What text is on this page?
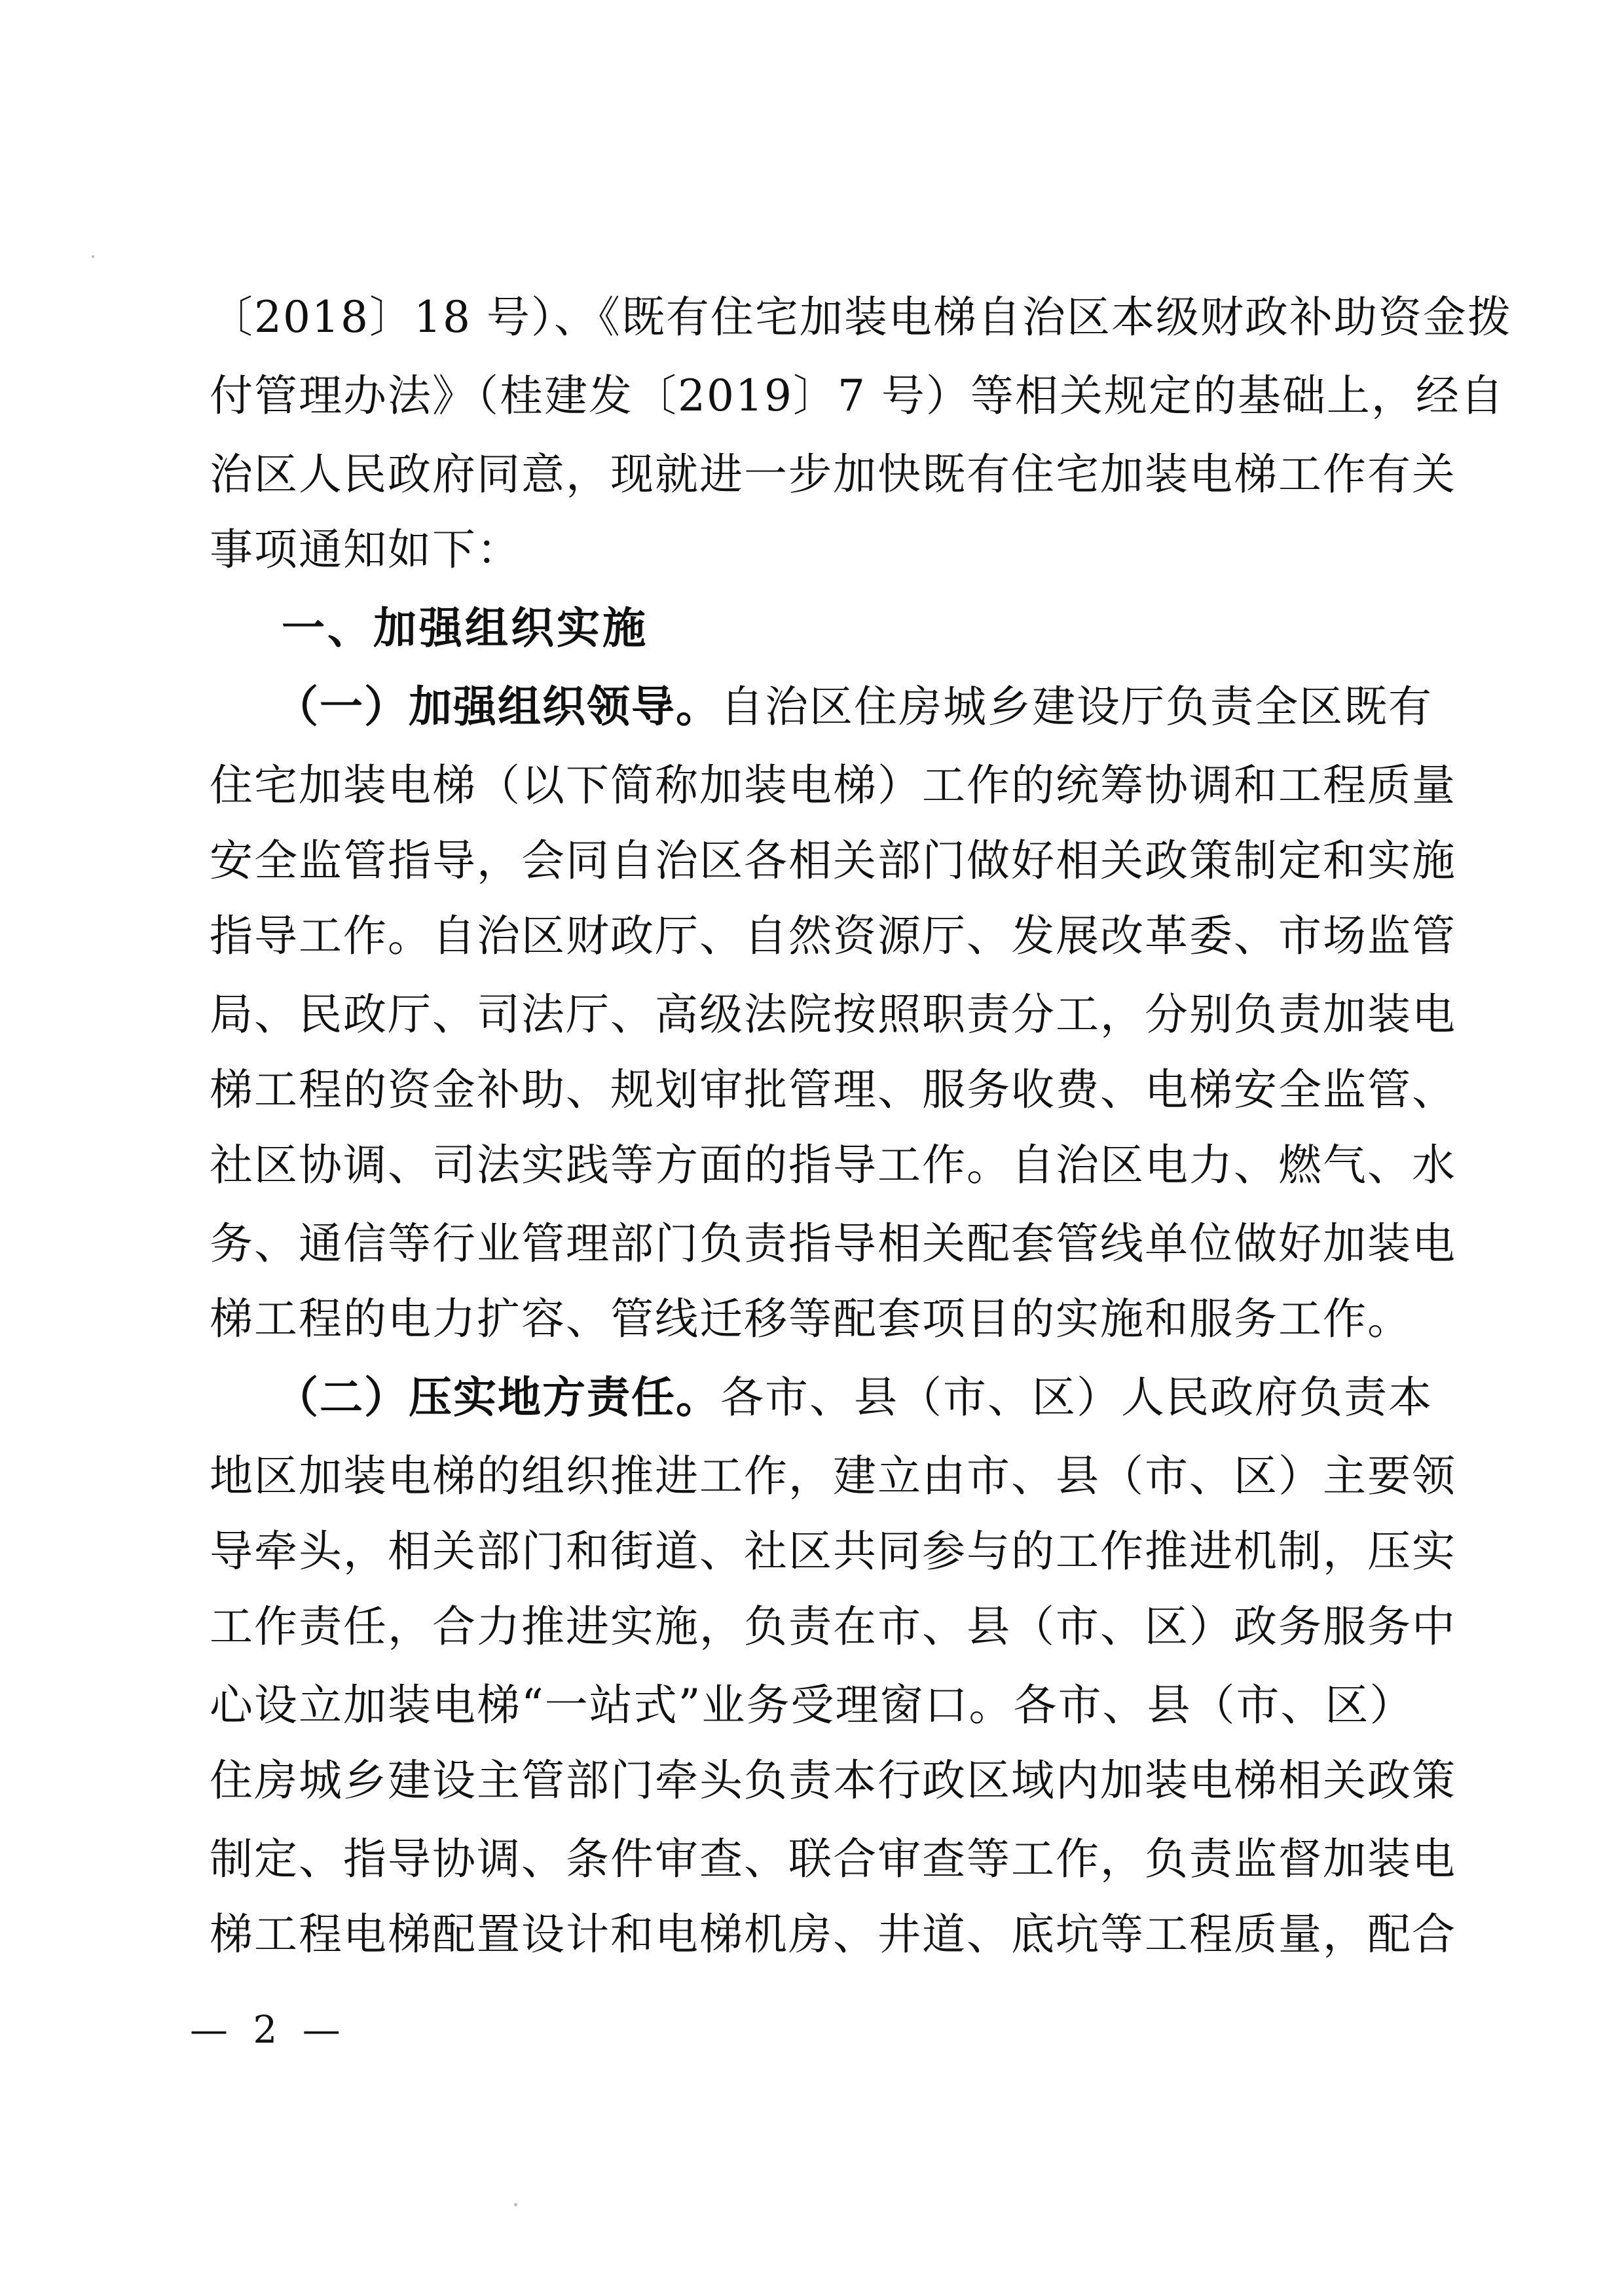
〔2018〕18 号）、《既有住宅加装电梯自治区本级财政补助资金拨
付管理办法》（桂建发〔2019〕7 号）等相关规定的基础上，经自
治区人民政府同意，现就进一步加快既有住宅加装电梯工作有关
事项通知如下：
一、加强组织实施
（一）加强组织领导。自治区住房城乡建设厅负责全区既有
住宅加装电梯（以下简称加装电梯）工作的统筹协调和工程质量
安全监管指导，会同自治区各相关部门做好相关政策制定和实施
指导工作。自治区财政厅、自然资源厅、发展改革委、市场监管
局、民政厅、司法厅、高级法院按照职责分工，分别负责加装电
梯工程的资金补助、规划审批管理、服务收费、电梯安全监管、
社区协调、司法实践等方面的指导工作。自治区电力、燃气、水
务、通信等行业管理部门负责指导相关配套管线单位做好加装电
梯工程的电力扩容、管线迁移等配套项目的实施和服务工作。
（二）压实地方责任。各市、县（市、区）人民政府负责本
地区加装电梯的组织推进工作，建立由市、县（市、区）主要领
导牵头，相关部门和街道、社区共同参与的工作推进机制，压实
工作责任，合力推进实施，负责在市、县（市、区）政务服务中
心设立加装电梯“一站式”业务受理窗口。各市、县（市、区）
住房城乡建设主管部门牵头负责本行政区域内加装电梯相关政策
制定、指导协调、条件审查、联合审查等工作，负责监督加装电
梯工程电梯配置设计和电梯机房、井道、底坑等工程质量，配合
— 2 —
